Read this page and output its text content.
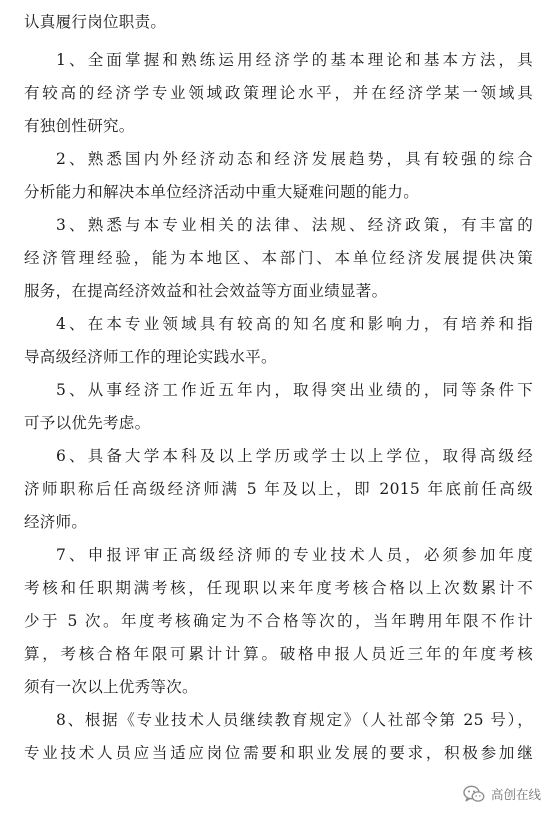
认真履行岗位职责。
1、全面掌握和熟练运用经济学的基本理论和基本方法，具
有较高的经济学专业领域政策理论水平，并在经济学某一领域具
有独创性研究。
2、熟悉国内外经济动态和经济发展趋势，具有较强的综合
分析能力和解决本单位经济活动中重大疑难问题的能力。
3、熟悉与本专业相关的法律、法规、经济政策，有丰富的
经济管理经验，能为本地区、本部门、本单位经济发展提供决策
服务，在提高经济效益和社会效益等方面业绩显著。
4、在本专业领域具有较高的知名度和影响力，有培养和指
导高级经济师工作的理论实践水平。
5、从事经济工作近五年内，取得突出业绩的，同等条件下
可予以优先考虑。
6、具备大学本科及以上学历或学士以上学位，取得高级经
济师职称后任高级经济师满 5 年及以上，即 2015 年底前任高级
经济师。
7、申报评审正高级经济师的专业技术人员，必须参加年度
考核和任职期满考核，任现职以来年度考核合格以上次数累计不
少于 5 次。年度考核确定为不合格等次的，当年聘用年限不作计
算，考核合格年限可累计计算。破格申报人员近三年的年度考核
须有一次以上优秀等次。
8、根据《专业技术人员继续教育规定》（人社部令第 25 号），
专业技术人员应当适应岗位需要和职业发展的要求，积极参加继
高创在线
